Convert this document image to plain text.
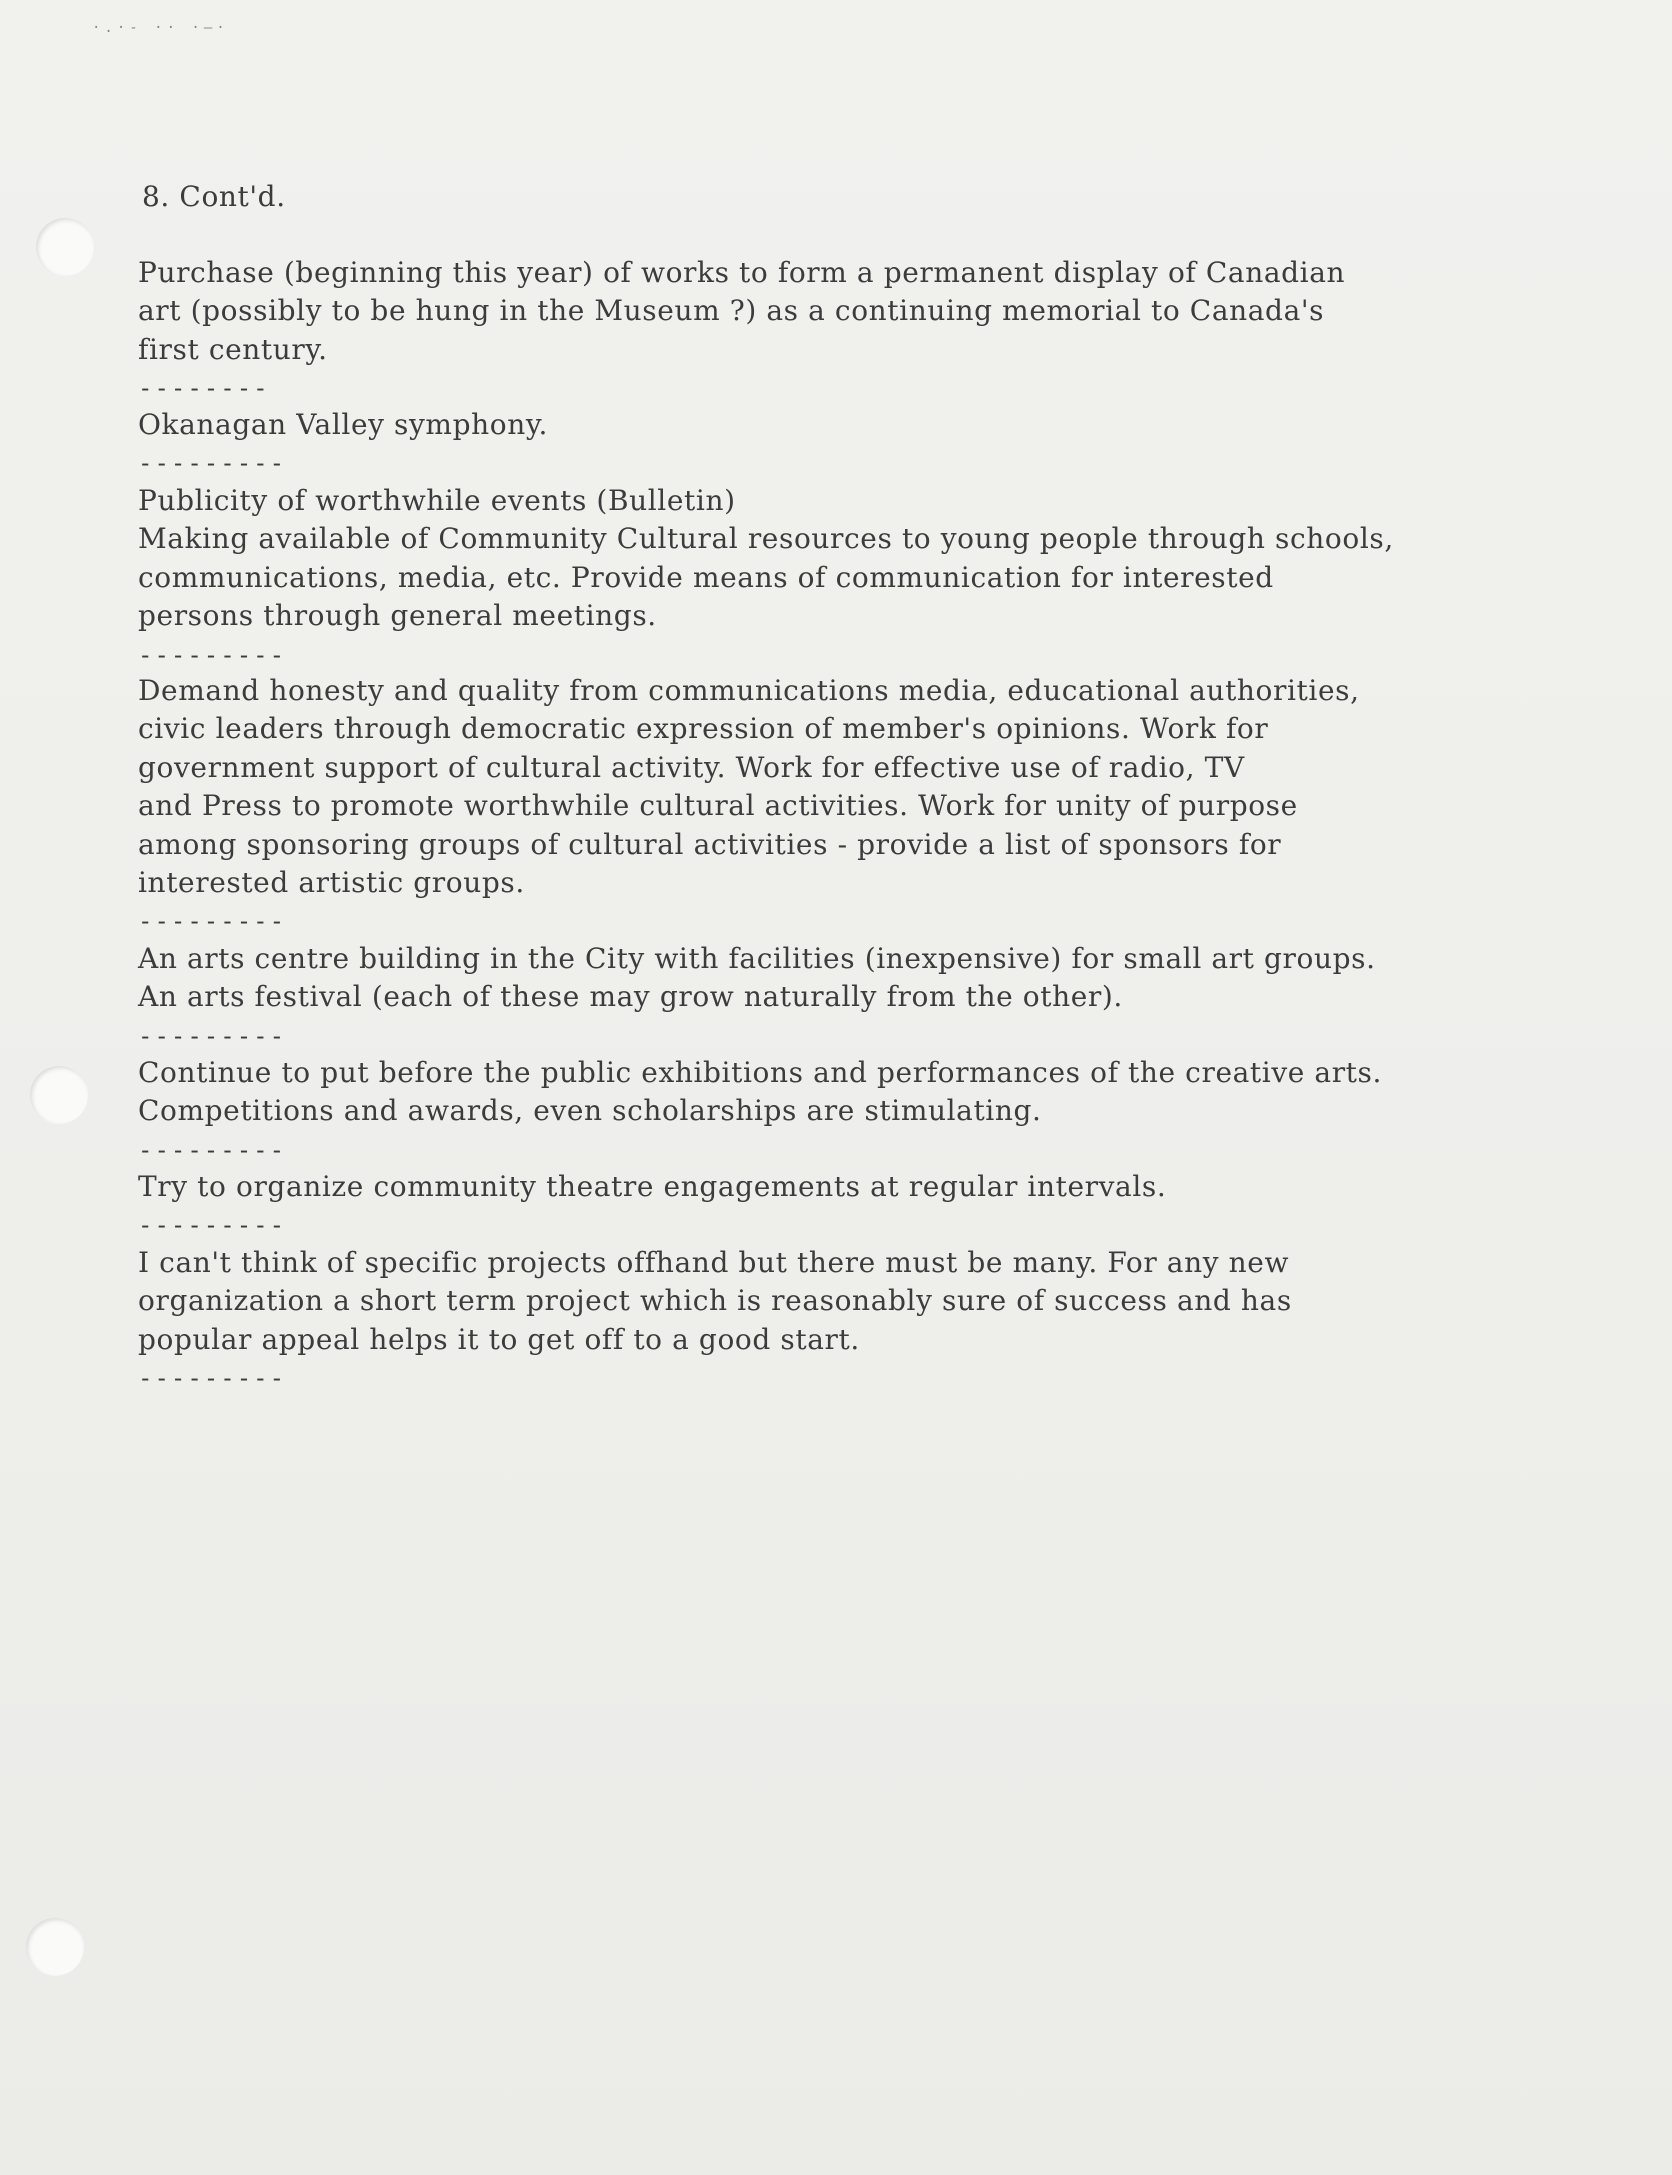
·.·- ·· ·—·
8. Cont'd.
Purchase (beginning this year) of works to form a permanent display of Canadian
art (possibly to be hung in the Museum ?) as a continuing memorial to Canada's
first century.
--------
Okanagan Valley symphony.
---------
Publicity of worthwhile events (Bulletin)
Making available of Community Cultural resources to young people through schools,
communications, media, etc. Provide means of communication for interested
persons through general meetings.
---------
Demand honesty and quality from communications media, educational authorities,
civic leaders through democratic expression of member's opinions. Work for
government support of cultural activity. Work for effective use of radio, TV
and Press to promote worthwhile cultural activities. Work for unity of purpose
among sponsoring groups of cultural activities - provide a list of sponsors for
interested artistic groups.
---------
An arts centre building in the City with facilities (inexpensive) for small art groups.
An arts festival (each of these may grow naturally from the other).
---------
Continue to put before the public exhibitions and performances of the creative arts.
Competitions and awards, even scholarships are stimulating.
---------
Try to organize community theatre engagements at regular intervals.
---------
I can't think of specific projects offhand but there must be many. For any new
organization a short term project which is reasonably sure of success and has
popular appeal helps it to get off to a good start.
---------
